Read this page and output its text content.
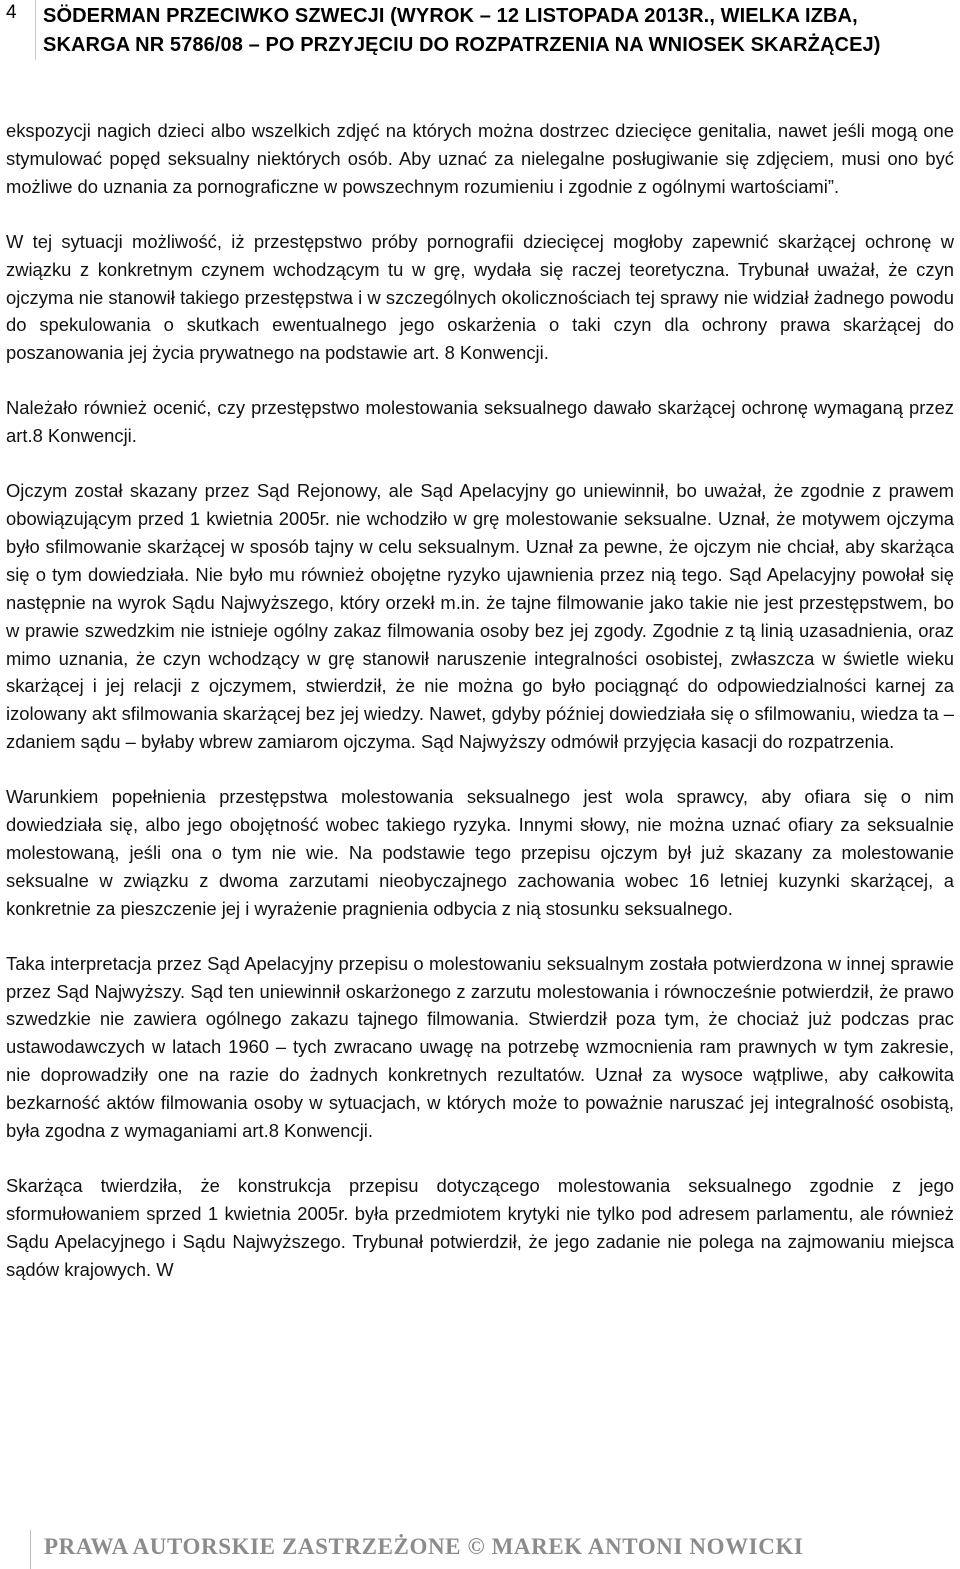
4 SÖDERMAN PRZECIWKO SZWECJI (WYROK – 12 LISTOPADA 2013R., WIELKA IZBA,
SKARGA NR 5786/08 – PO PRZYJĘCIU DO ROZPATRZENIA NA WNIOSEK SKARŻĄCEJ)

ekspozycji nagich dzieci albo wszelkich zdjęć na których można dostrzec dziecięce genitalia, nawet jeśli mogą one stymulować popęd seksualny niektórych osób. Aby uznać za nielegalne posługiwanie się zdjęciem, musi ono być możliwe do uznania za pornograficzne w powszechnym rozumieniu i zgodnie z ogólnymi wartościami”.

W tej sytuacji możliwość, iż przestępstwo próby pornografii dziecięcej mogłoby zapewnić skarżącej ochronę w związku z konkretnym czynem wchodzącym tu w grę, wydała się raczej teoretyczna. Trybunał uważał, że czyn ojczyma nie stanowił takiego przestępstwa i w szczególnych okolicznościach tej sprawy nie widział żadnego powodu do spekulowania o skutkach ewentualnego jego oskarżenia o taki czyn dla ochrony prawa skarżącej do poszanowania jej życia prywatnego na podstawie art. 8 Konwencji.

Należało również ocenić, czy przestępstwo molestowania seksualnego dawało skarżącej ochronę wymaganą przez art.8 Konwencji.

Ojczym został skazany przez Sąd Rejonowy, ale Sąd Apelacyjny go uniewinnił, bo uważał, że zgodnie z prawem obowiązującym przed 1 kwietnia 2005r. nie wchodziło w grę molestowanie seksualne. Uznał, że motywem ojczyma było sfilmowanie skarżącej w sposób tajny w celu seksualnym. Uznał za pewne, że ojczym nie chciał, aby skarżąca się o tym dowiedziała. Nie było mu również obojętne ryzyko ujawnienia przez nią tego. Sąd Apelacyjny powołał się następnie na wyrok Sądu Najwyższego, który orzekł m.in. że tajne filmowanie jako takie nie jest przestępstwem, bo w prawie szwedzkim nie istnieje ogólny zakaz filmowania osoby bez jej zgody. Zgodnie z tą linią uzasadnienia, oraz mimo uznania, że czyn wchodzący w grę stanowił naruszenie integralności osobistej, zwłaszcza w świetle wieku skarżącej i jej relacji z ojczymem, stwierdził, że nie można go było pociągnąć do odpowiedzialności karnej za izolowany akt sfilmowania skarżącej bez jej wiedzy. Nawet, gdyby później dowiedziała się o sfilmowaniu, wiedza ta – zdaniem sądu – byłaby wbrew zamiarom ojczyma. Sąd Najwyższy odmówił przyjęcia kasacji do rozpatrzenia.

Warunkiem popełnienia przestępstwa molestowania seksualnego jest wola sprawcy, aby ofiara się o nim dowiedziała się, albo jego obojętność wobec takiego ryzyka. Innymi słowy, nie można uznać ofiary za seksualnie molestowaną, jeśli ona o tym nie wie. Na podstawie tego przepisu ojczym był już skazany za molestowanie seksualne w związku z dwoma zarzutami nieobyczajnego zachowania wobec 16 letniej kuzynki skarżącej, a konkretnie za pieszczenie jej i wyrażenie pragnienia odbycia z nią stosunku seksualnego.

Taka interpretacja przez Sąd Apelacyjny przepisu o molestowaniu seksualnym została potwierdzona w innej sprawie przez Sąd Najwyższy. Sąd ten uniewinnił oskarżonego z zarzutu molestowania i równocześnie potwierdził, że prawo szwedzkie nie zawiera ogólnego zakazu tajnego filmowania. Stwierdził poza tym, że chociaż już podczas prac ustawodawczych w latach 1960 – tych zwracano uwagę na potrzebę wzmocnienia ram prawnych w tym zakresie, nie doprowadziły one na razie do żadnych konkretnych rezultatów. Uznał za wysoce wątpliwe, aby całkowita bezkarność aktów filmowania osoby w sytuacjach, w których może to poważnie naruszać jej integralność osobistą, była zgodna z wymaganiami art.8 Konwencji.

Skarżąca twierdziła, że konstrukcja przepisu dotyczącego molestowania seksualnego zgodnie z jego sformułowaniem sprzed 1 kwietnia 2005r. była przedmiotem krytyki nie tylko pod adresem parlamentu, ale również Sądu Apelacyjnego i Sądu Najwyższego. Trybunał potwierdził, że jego zadanie nie polega na zajmowaniu miejsca sądów krajowych. W

PRAWA AUTORSKIE ZASTRZEŻONE © MAREK ANTONI NOWICKI
